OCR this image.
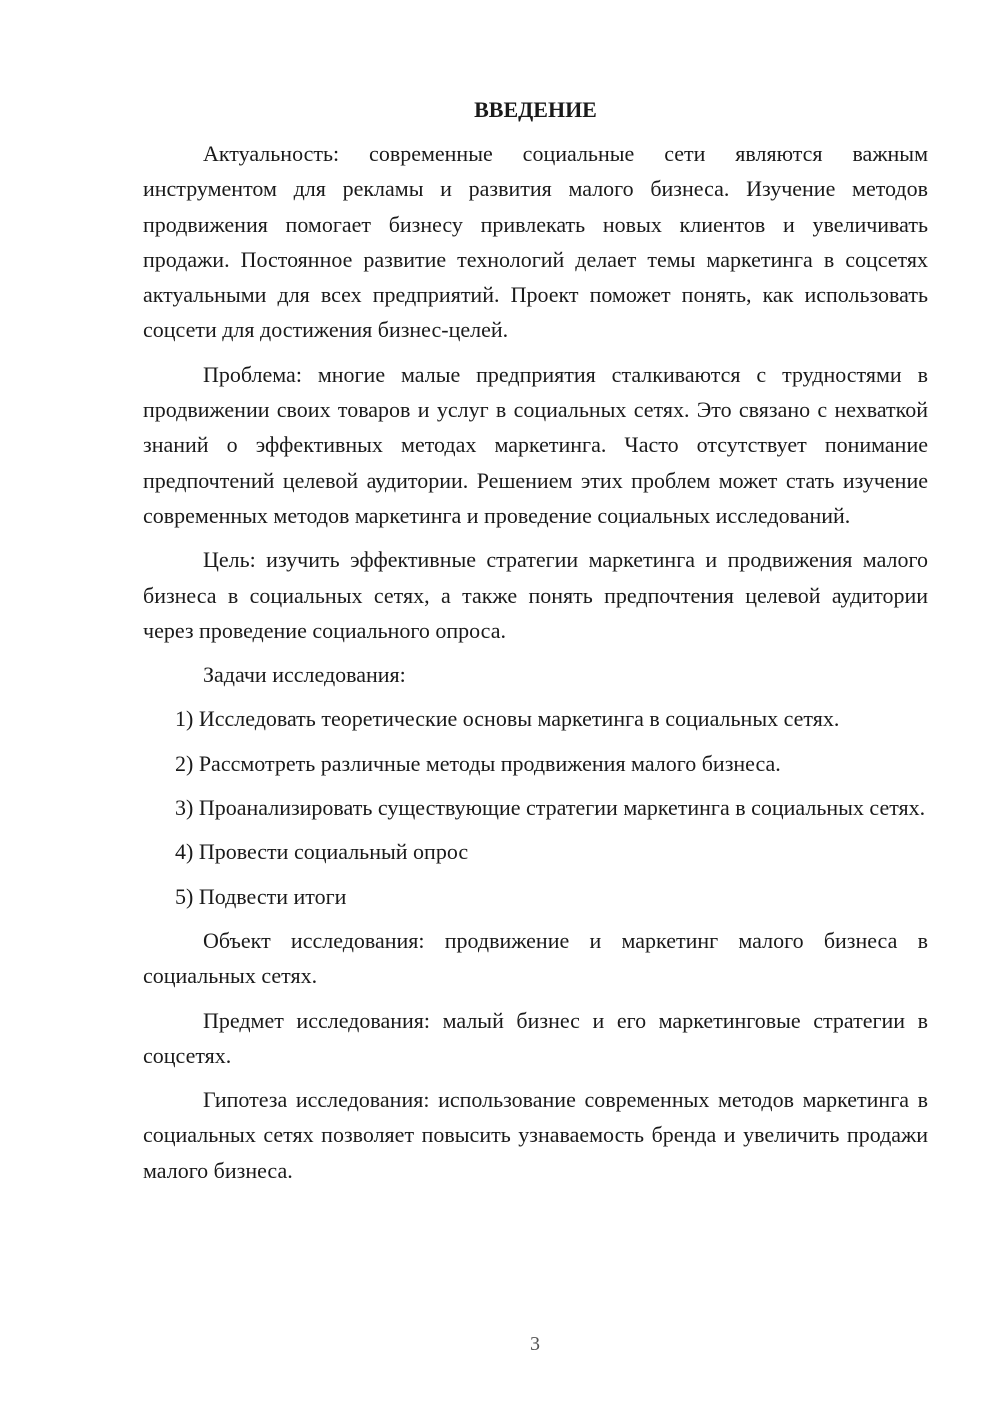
ВВЕДЕНИЕ

Актуальность: современные социальные сети являются важным инструментом для рекламы и развития малого бизнеса. Изучение методов продвижения помогает бизнесу привлекать новых клиентов и увеличивать продажи. Постоянное развитие технологий делает темы маркетинга в соцсетях актуальными для всех предприятий. Проект поможет понять, как использовать соцсети для достижения бизнес-целей.

Проблема: многие малые предприятия сталкиваются с трудностями в продвижении своих товаров и услуг в социальных сетях. Это связано с нехваткой знаний о эффективных методах маркетинга. Часто отсутствует понимание предпочтений целевой аудитории. Решением этих проблем может стать изучение современных методов маркетинга и проведение социальных исследований.

Цель: изучить эффективные стратегии маркетинга и продвижения малого бизнеса в социальных сетях, а также понять предпочтения целевой аудитории через проведение социального опроса.

Задачи исследования:

1) Исследовать теоретические основы маркетинга в социальных сетях.

2) Рассмотреть различные методы продвижения малого бизнеса.

3) Проанализировать существующие стратегии маркетинга в социальных сетях.

4) Провести социальный опрос

5) Подвести итоги

Объект исследования: продвижение и маркетинг малого бизнеса в социальных сетях.

Предмет исследования: малый бизнес и его маркетинговые стратегии в соцсетях.

Гипотеза исследования: использование современных методов маркетинга в социальных сетях позволяет повысить узнаваемость бренда и увеличить продажи малого бизнеса.

3
